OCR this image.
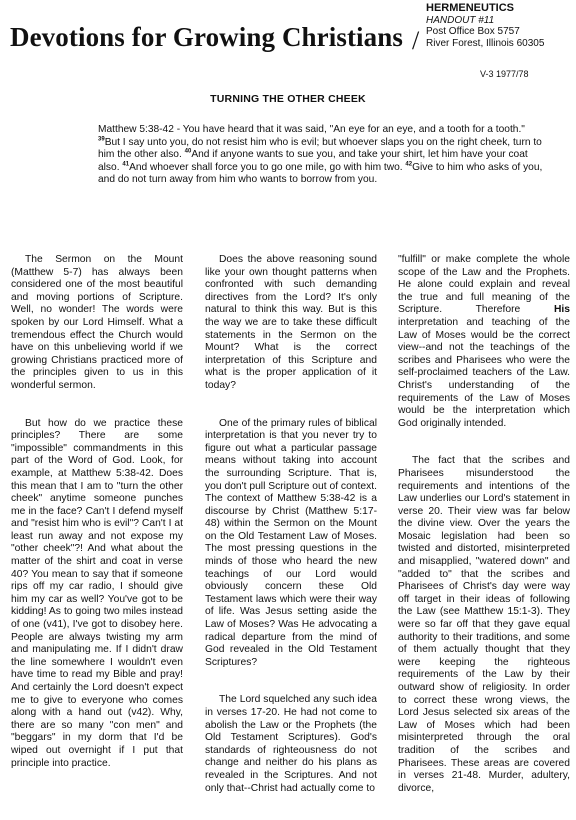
Devotions for Growing Christians /
HERMENEUTICS
HANDOUT #11
Post Office Box 5757
River Forest, Illinois 60305
V-3 1977/78
TURNING THE OTHER CHEEK
Matthew 5:38-42 - You have heard that it was said, "An eye for an eye, and a tooth for a tooth." $^{39}$But I say unto you, do not resist him who is evil; but whoever slaps you on the right cheek, turn to him the other also. $^{40}$And if anyone wants to sue you, and take your shirt, let him have your coat also. $^{41}$And whoever shall force you to go one mile, go with him two. $^{42}$Give to him who asks of you, and do not turn away from him who wants to borrow from you.

The Sermon on the Mount (Matthew 5-7) has always been considered one of the most beautiful and moving portions of Scripture. Well, no wonder! The words were spoken by our Lord Himself. What a tremendous effect the Church would have on this unbelieving world if we growing Christians practiced more of the principles given to us in this wonderful sermon.

But how do we practice these principles? There are some "impossible" commandments in this part of the Word of God. Look, for example, at Matthew 5:38-42. Does this mean that I am to "turn the other cheek" anytime someone punches me in the face? Can't I defend myself and "resist him who is evil"? Can't I at least run away and not expose my "other cheek"?! And what about the matter of the shirt and coat in verse 40? You mean to say that if someone rips off my car radio, I should give him my car as well? You've got to be kidding! As to going two miles instead of one (v41), I've got to disobey here. People are always twisting my arm and manipulating me. If I didn't draw the line somewhere I wouldn't even have time to read my Bible and pray! And certainly the Lord doesn't expect me to give to everyone who comes along with a hand out (v42). Why, there are so many "con men" and "beggars" in my dorm that I'd be wiped out overnight if I put that principle into practice.

Does the above reasoning sound like your own thought patterns when confronted with such demanding directives from the Lord? It's only natural to think this way. But is this the way we are to take these difficult statements in the Sermon on the Mount? What is the correct interpretation of this Scripture and what is the proper application of it today?

One of the primary rules of biblical interpretation is that you never try to figure out what a particular passage means without taking into account the surrounding Scripture. That is, you don't pull Scripture out of context. The context of Matthew 5:38-42 is a discourse by Christ (Matthew 5:17-48) within the Sermon on the Mount on the Old Testament Law of Moses. The most pressing questions in the minds of those who heard the new teachings of our Lord would obviously concern these Old Testament laws which were their way of life. Was Jesus setting aside the Law of Moses? Was He advocating a radical departure from the mind of God revealed in the Old Testament Scriptures?

The Lord squelched any such idea in verses 17-20. He had not come to abolish the Law or the Prophets (the Old Testament Scriptures). God's standards of righteousness do not change and neither do his plans as revealed in the Scriptures. And not only that--Christ had actually come to

"fulfill" or make complete the whole scope of the Law and the Prophets. He alone could explain and reveal the true and full meaning of the Scripture. Therefore His interpretation and teaching of the Law of Moses would be the correct view--and not the teachings of the scribes and Pharisees who were the self-proclaimed teachers of the Law. Christ's understanding of the requirements of the Law of Moses would be the interpretation which God originally intended.

The fact that the scribes and Pharisees misunderstood the requirements and intentions of the Law underlies our Lord's statement in verse 20. Their view was far below the divine view. Over the years the Mosaic legislation had been so twisted and distorted, misinterpreted and misapplied, "watered down" and "added to" that the scribes and Pharisees of Christ's day were way off target in their ideas of following the Law (see Matthew 15:1-3). They were so far off that they gave equal authority to their traditions, and some of them actually thought that they were keeping the righteous requirements of the Law by their outward show of religiosity. In order to correct these wrong views, the Lord Jesus selected six areas of the Law of Moses which had been misinterpreted through the oral tradition of the scribes and Pharisees. These areas are covered in verses 21-48. Murder, adultery, divorce,
